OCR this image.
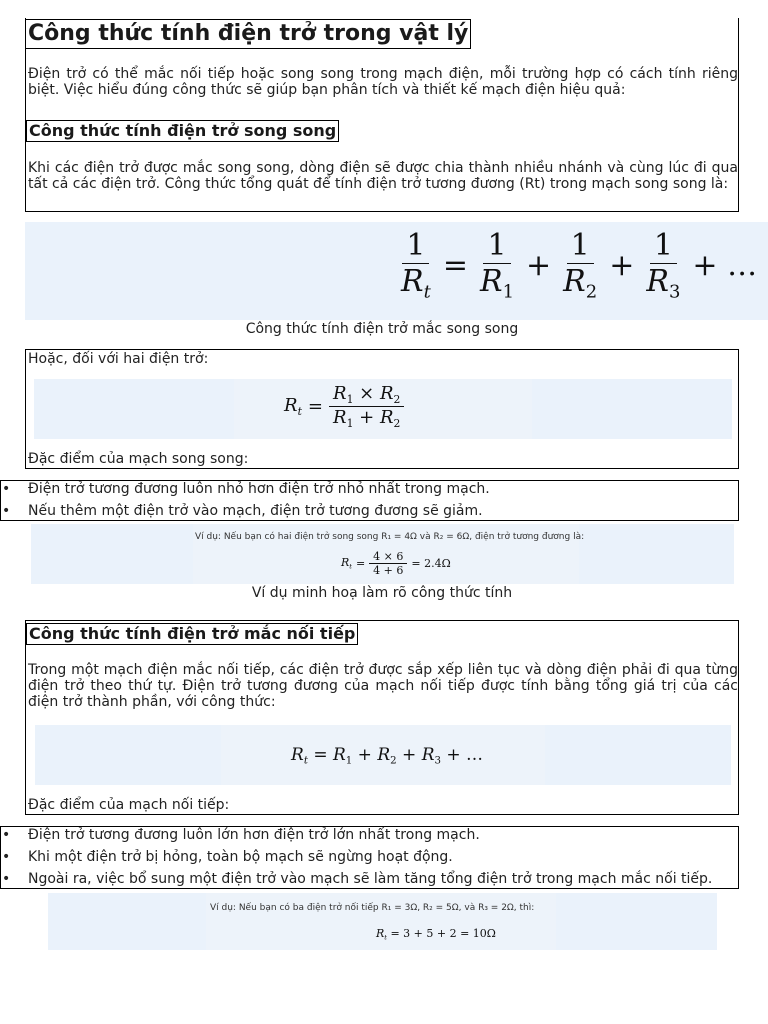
Công thức tính điện trở trong vật lý

Điện trở có thể mắc nối tiếp hoặc song song trong mạch điện, mỗi trường hợp có cách tính riêng biệt. Việc hiểu đúng công thức sẽ giúp bạn phân tích và thiết kế mạch điện hiệu quả:

Công thức tính điện trở song song

Khi các điện trở được mắc song song, dòng điện sẽ được chia thành nhiều nhánh và cùng lúc đi qua tất cả các điện trở. Công thức tổng quát để tính điện trở tương đương (Rt) trong mạch song song là:

$\frac{1}{R_t} = \frac{1}{R_1} + \frac{1}{R_2} + \frac{1}{R_3}$ + …
Công thức tính điện trở mắc song song

Hoặc, đối với hai điện trở:

$R_t = \frac{R_1 \times R_2}{R_1 + R_2}$

Đặc điểm của mạch song song:

• Điện trở tương đương luôn nhỏ hơn điện trở nhỏ nhất trong mạch.
• Nếu thêm một điện trở vào mạch, điện trở tương đương sẽ giảm.
Ví dụ: Nếu bạn có hai điện trở song song R₁ = 4Ω và R₂ = 6Ω, điện trở tương đương là:
$R_t = \frac{4 \times 6}{4 + 6} = 2.4\Omega$
Ví dụ minh hoạ làm rõ công thức tính
Công thức tính điện trở mắc nối tiếp

Trong một mạch điện mắc nối tiếp, các điện trở được sắp xếp liên tục và dòng điện phải đi qua từng điện trở theo thứ tự. Điện trở tương đương của mạch nối tiếp được tính bằng tổng giá trị của các điện trở thành phần, với công thức:

$R_t = R_1 + R_2 + R_3$ + …

Đặc điểm của mạch nối tiếp:

• Điện trở tương đương luôn lớn hơn điện trở lớn nhất trong mạch.
• Khi một điện trở bị hỏng, toàn bộ mạch sẽ ngừng hoạt động.
• Ngoài ra, việc bổ sung một điện trở vào mạch sẽ làm tăng tổng điện trở trong mạch mắc nối tiếp.
Ví dụ: Nếu bạn có ba điện trở nối tiếp R₁ = 3Ω, R₂ = 5Ω, và R₃ = 2Ω, thì:
$R_t = 3 + 5 + 2 = 10\Omega$
